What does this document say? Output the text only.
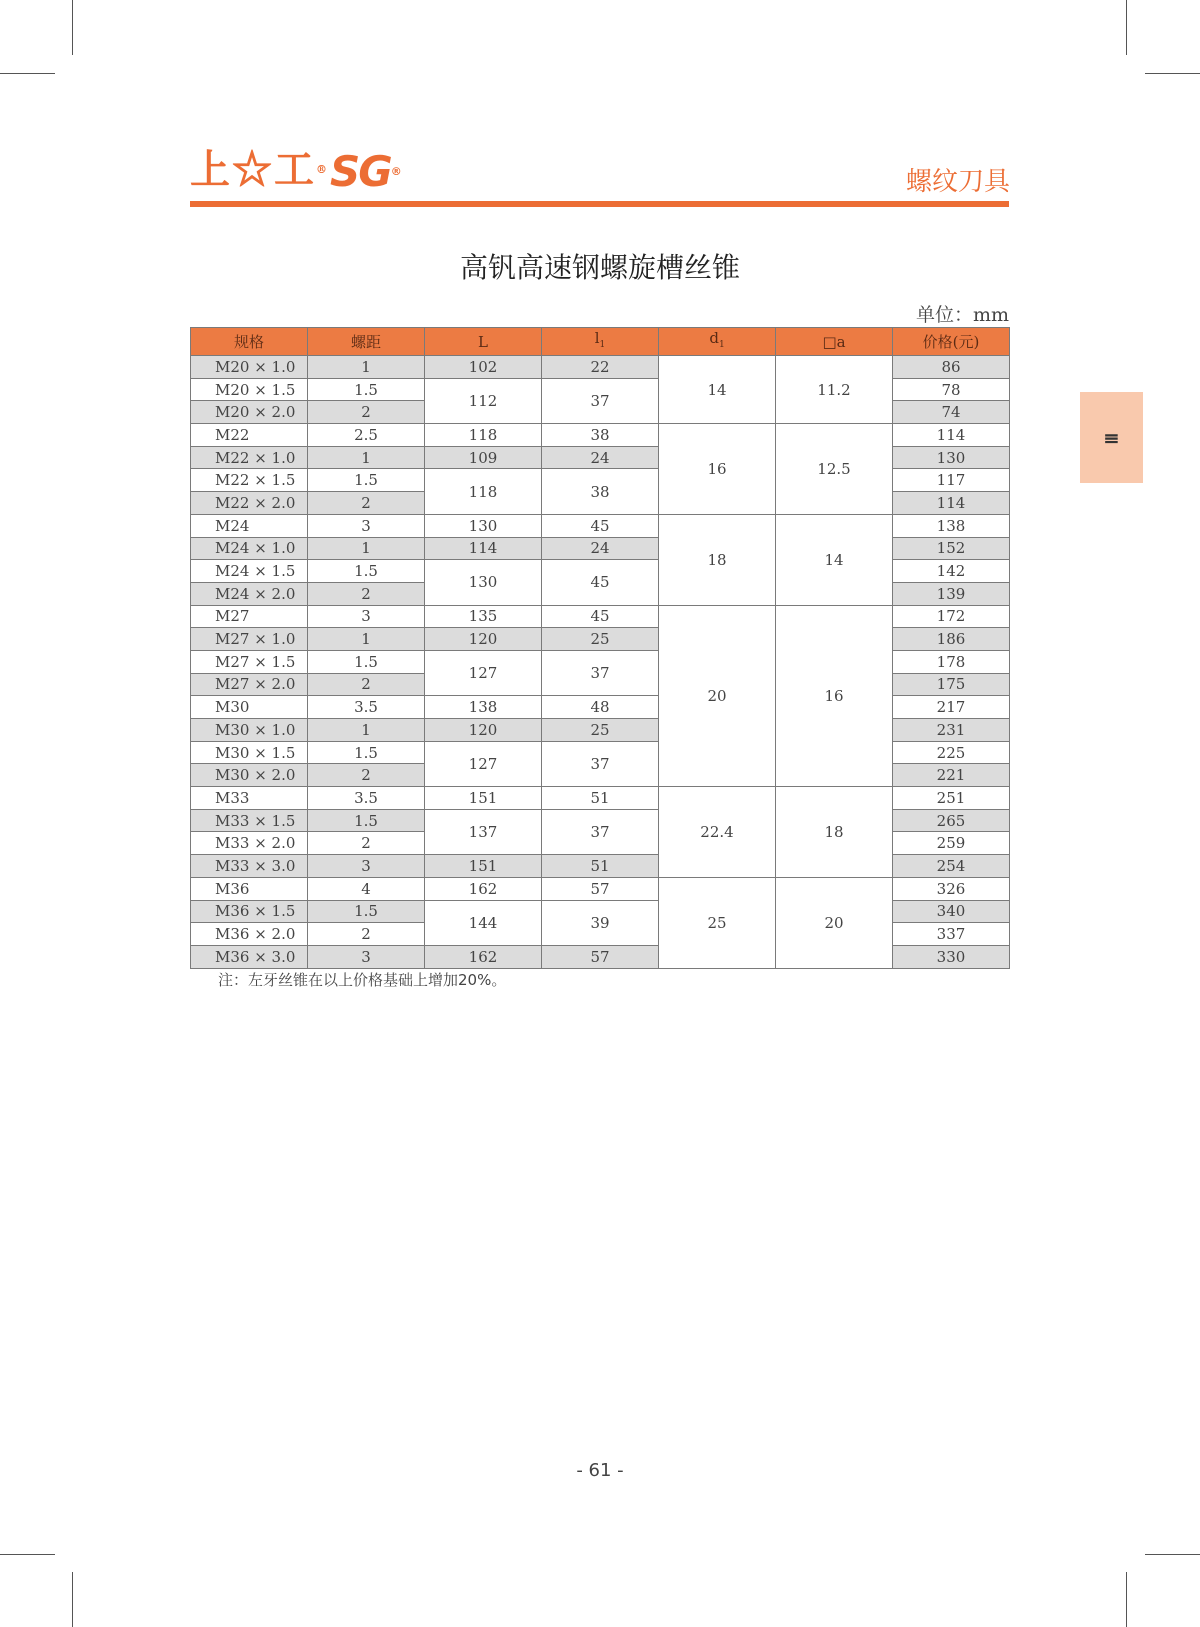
上☆工® SG®	螺纹刀具
高钒高速钢螺旋槽丝锥
单位：mm
规格	螺距	L	$l_1$	$d_1$	□a	价格(元)
M20 × 1.0	1	102	22	14	11.2	86
M20 × 1.5	1.5	112	37			78
M20 × 2.0	2					74
M22	2.5	118	38	16	12.5	114
M22 × 1.0	1	109	24			130
M22 × 1.5	1.5	118	38			117
M22 × 2.0	2					114
M24	3	130	45	18	14	138
M24 × 1.0	1	114	24			152
M24 × 1.5	1.5	130	45			142
M24 × 2.0	2					139
M27	3	135	45	20	16	172
M27 × 1.0	1	120	25			186
M27 × 1.5	1.5	127	37			178
M27 × 2.0	2					175
M30	3.5	138	48			217
M30 × 1.0	1	120	25			231
M30 × 1.5	1.5	127	37			225
M30 × 2.0	2					221
M33	3.5	151	51	22.4	18	251
M33 × 1.5	1.5	137	37			265
M33 × 2.0	2					259
M33 × 3.0	3	151	51			254
M36	4	162	57	25	20	326
M36 × 1.5	1.5	144	39			340
M36 × 2.0	2					337
M36 × 3.0	3	162	57			330
注：左牙丝锥在以上价格基础上增加20%。
≡
- 61 -
